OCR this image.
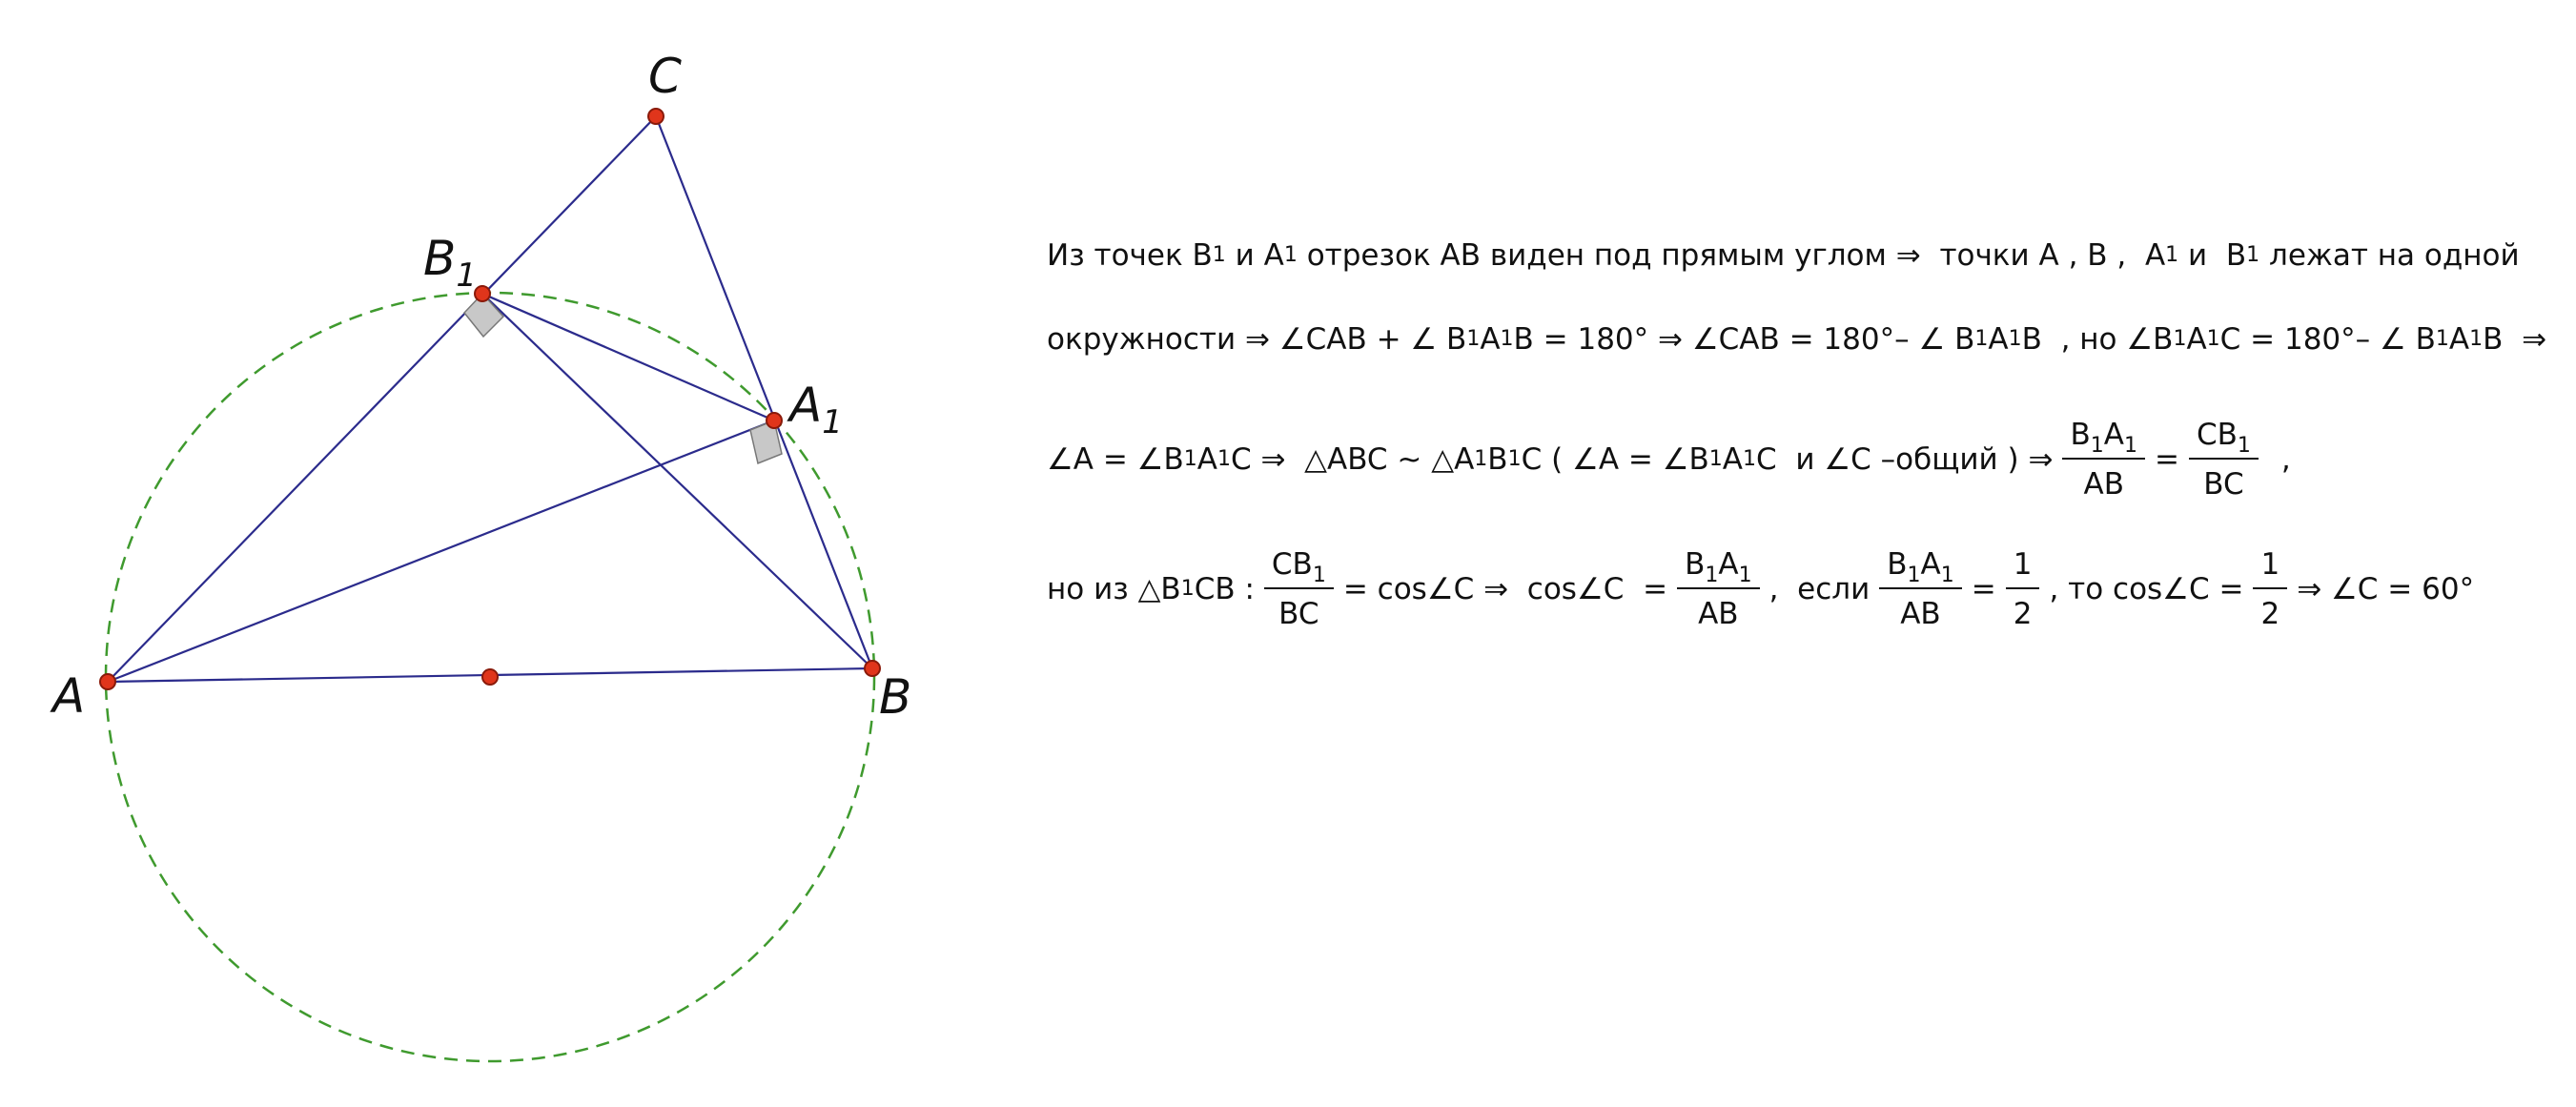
A	B
C
$B_1$
$A_1$
Из точек B 1 и A 1 отрезок AB виден под прямым углом ⇒  точки A , B ,  A 1 и  B 1 лежат на одной
окружности ⇒ ∠CAB + ∠ B 1 A 1 B = 180° ⇒ ∠CAB = 180°– ∠ B 1 A 1 B  , но ∠B 1 A 1 C = 180°– ∠ B 1 A 1 B  ⇒
∠A = ∠B 1 A 1 C ⇒  △ABC ~ △A 1 B 1 C ( ∠A = ∠B 1 A 1 C  и ∠C –общий ) ⇒ $\frac{B_1A_1}{AB} = \frac{CB_1}{BC}$ ,
но из △B 1 CB : $\frac{CB_1}{BC}$ = cos∠C ⇒  cos∠C  = $\frac{B_1A_1}{AB}$ ,  если $\frac{B_1A_1}{AB} = \frac{1}{2}$ , то cos∠C = $\frac{1}{2}$ ⇒ ∠C = 60°
